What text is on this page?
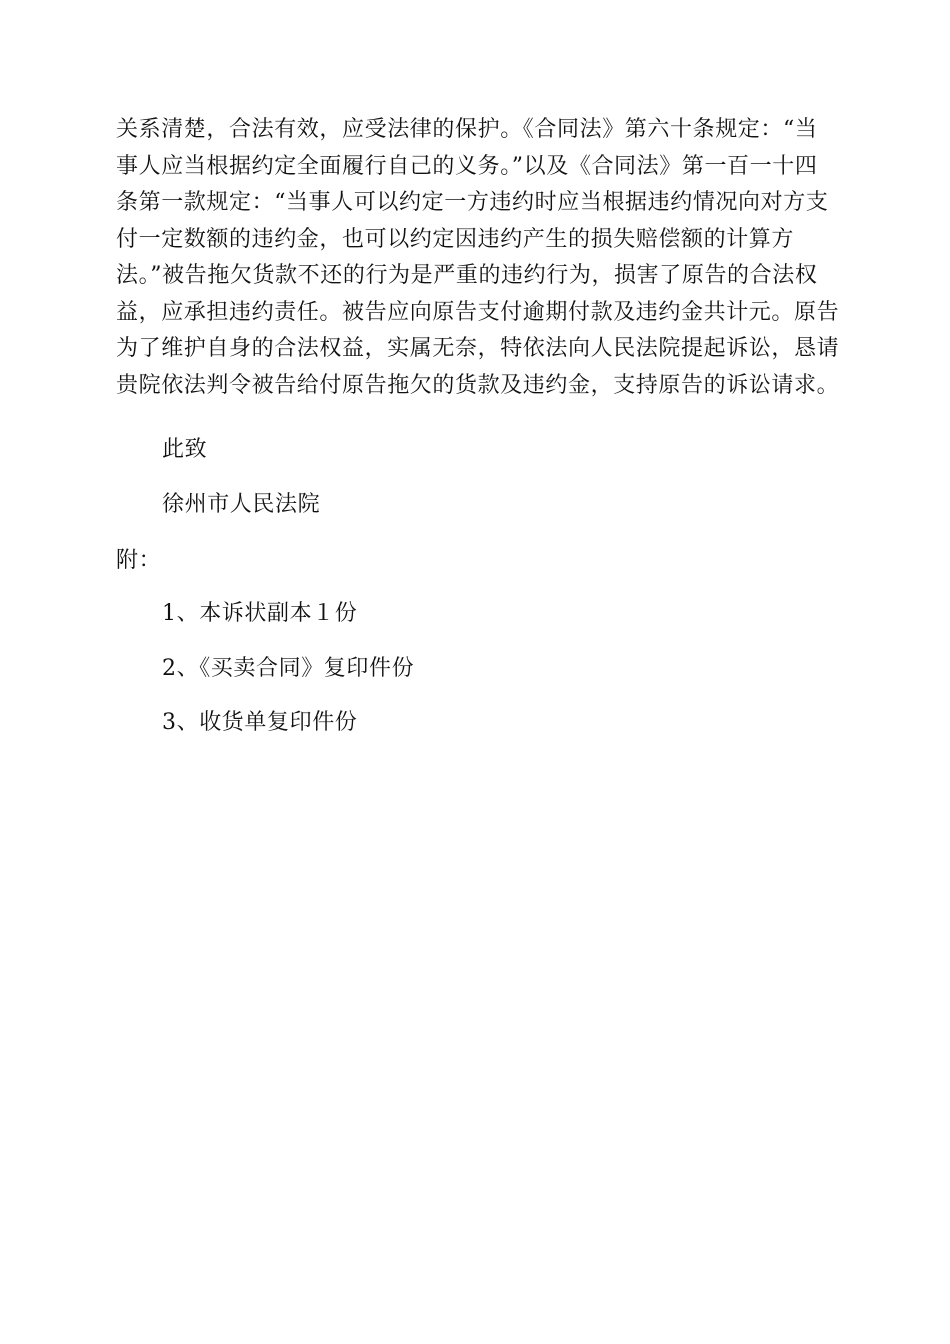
关系清楚，合法有效，应受法律的保护。《合同法》第六十条规定：“当
事人应当根据约定全面履行自己的义务。”以及《合同法》第一百一十四
条第一款规定：“当事人可以约定一方违约时应当根据违约情况向对方支
付一定数额的违约金，也可以约定因违约产生的损失赔偿额的计算方
法。”被告拖欠货款不还的行为是严重的违约行为，损害了原告的合法权
益，应承担违约责任。被告应向原告支付逾期付款及违约金共计元。原告
为了维护自身的合法权益，实属无奈，特依法向人民法院提起诉讼，恳请
贵院依法判令被告给付原告拖欠的货款及违约金，支持原告的诉讼请求。
此致
徐州市人民法院
附：
1、本诉状副本１份
2、《买卖合同》复印件份
3、收货单复印件份
